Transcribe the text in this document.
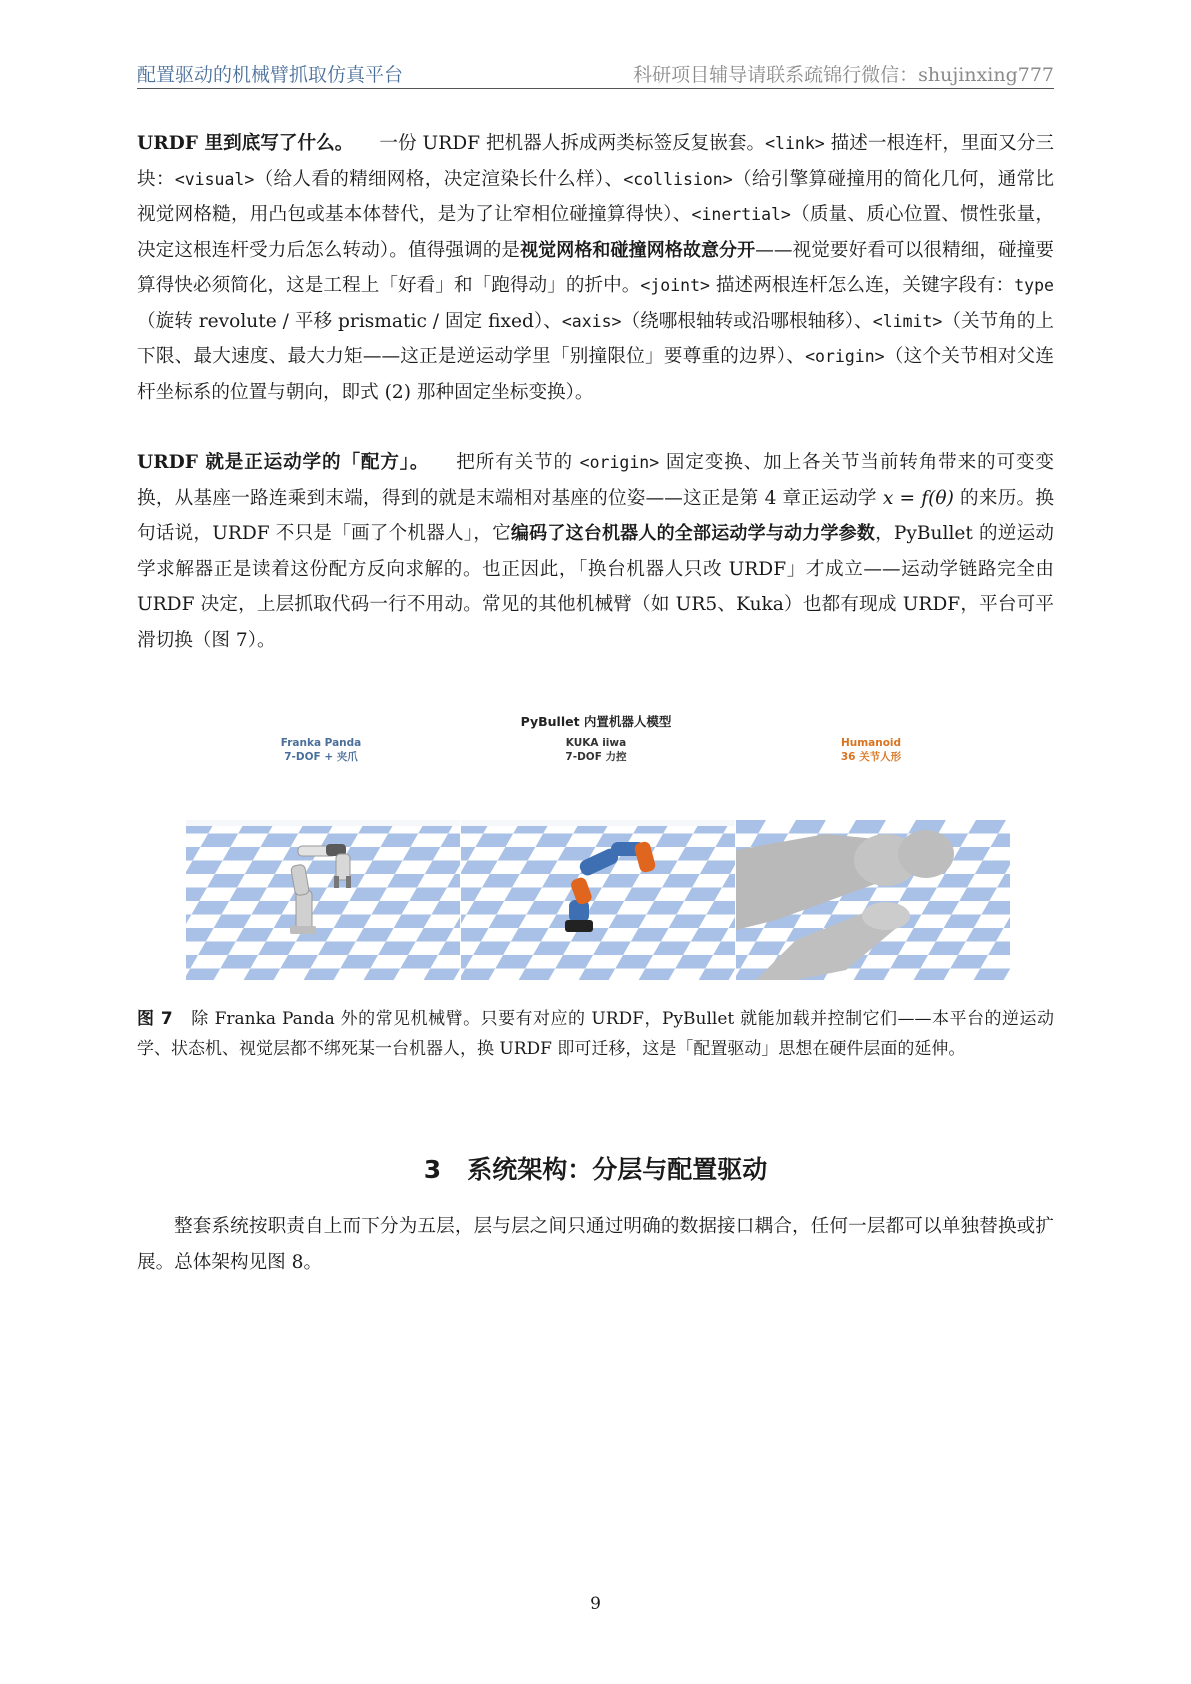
配置驱动的机械臂抓取仿真平台	科研项目辅导请联系疏锦行微信：shujinxing777

URDF 里到底写了什么。 一份 URDF 把机器人拆成两类标签反复嵌套。<link> 描述一根连杆，里面又分三块：<visual>（给人看的精细网格，决定渲染长什么样）、<collision>（给引擎算碰撞用的简化几何，通常比视觉网格糙，用凸包或基本体替代，是为了让窄相位碰撞算得快）、<inertial>（质量、质心位置、惯性张量，决定这根连杆受力后怎么转动）。值得强调的是视觉网格和碰撞网格故意分开——视觉要好看可以很精细，碰撞要算得快必须简化，这是工程上「好看」和「跑得动」的折中。<joint> 描述两根连杆怎么连，关键字段有：type（旋转 revolute / 平移 prismatic / 固定 fixed）、<axis>（绕哪根轴转或沿哪根轴移）、<limit>（关节角的上下限、最大速度、最大力矩——这正是逆运动学里「别撞限位」要尊重的边界）、<origin>（这个关节相对父连杆坐标系的位置与朝向，即式 (2) 那种固定坐标变换）。

URDF 就是正运动学的「配方」。 把所有关节的 <origin> 固定变换、加上各关节当前转角带来的可变变换，从基座一路连乘到末端，得到的就是末端相对基座的位姿——这正是第 4 章正运动学 x = f(θ) 的来历。换句话说，URDF 不只是「画了个机器人」，它编码了这台机器人的全部运动学与动力学参数，PyBullet 的逆运动学求解器正是读着这份配方反向求解的。也正因此，「换台机器人只改 URDF」才成立——运动学链路完全由 URDF 决定，上层抓取代码一行不用动。常见的其他机械臂（如 UR5、Kuka）也都有现成 URDF，平台可平滑切换（图 7）。

PyBullet 内置机器人模型
Franka Panda
7-DOF + 夹爪
KUKA iiwa
7-DOF 力控
Humanoid
36 关节人形

图 7 除 Franka Panda 外的常见机械臂。只要有对应的 URDF，PyBullet 就能加载并控制它们——本平台的逆运动学、状态机、视觉层都不绑死某一台机器人，换 URDF 即可迁移，这是「配置驱动」思想在硬件层面的延伸。

3 系统架构：分层与配置驱动

整套系统按职责自上而下分为五层，层与层之间只通过明确的数据接口耦合，任何一层都可以单独替换或扩展。总体架构见图 8。

9
